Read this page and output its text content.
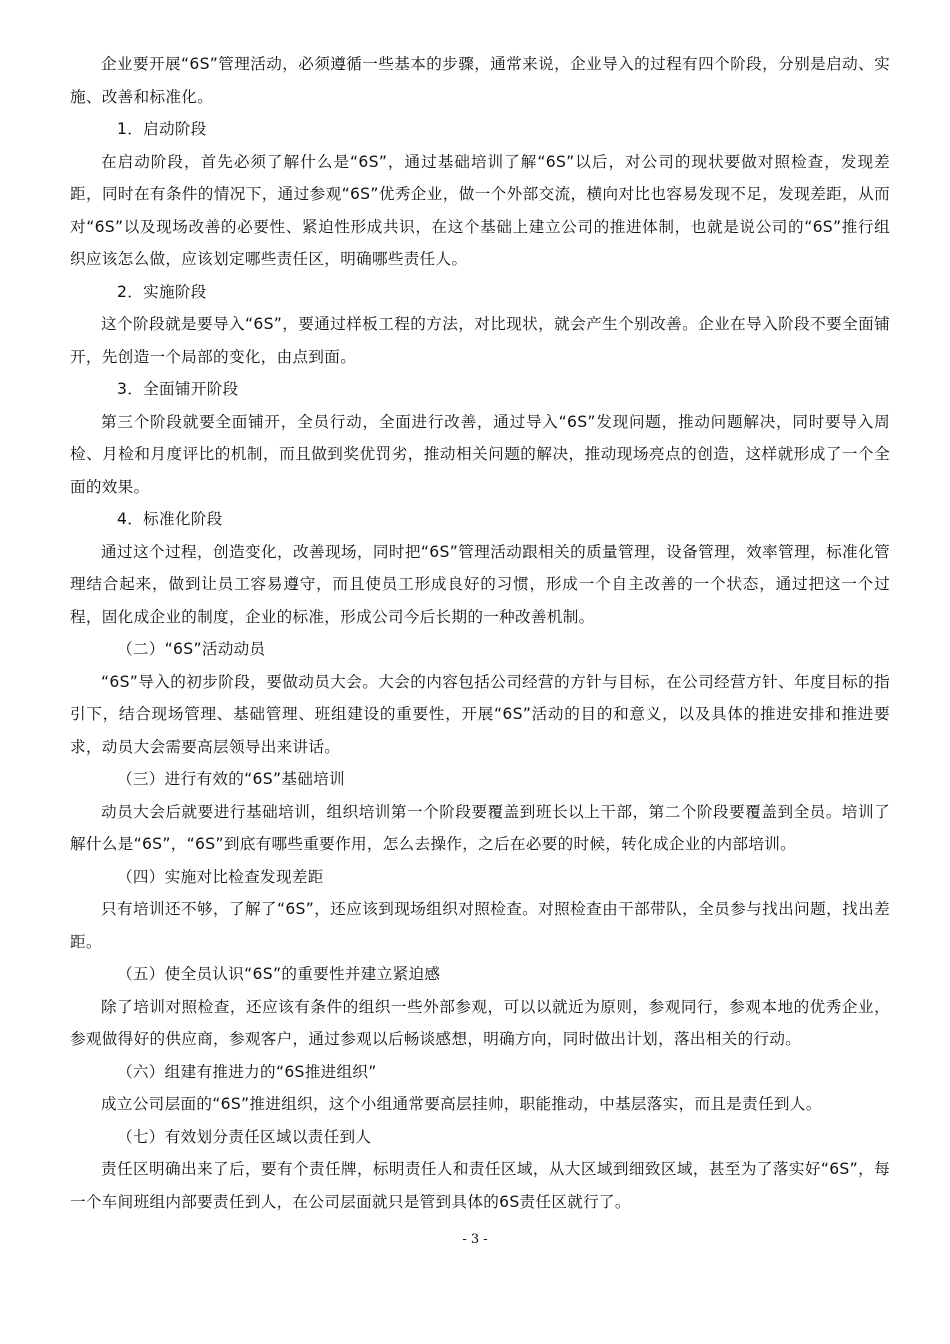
企业要开展“6S”管理活动，必须遵循一些基本的步骤，通常来说，企业导入的过程有四个阶段，分别是启动、实施、改善和标准化。

1．启动阶段

在启动阶段，首先必须了解什么是“6S”，通过基础培训了解“6S”以后，对公司的现状要做对照检查，发现差距，同时在有条件的情况下，通过参观“6S”优秀企业，做一个外部交流，横向对比也容易发现不足，发现差距，从而对“6S”以及现场改善的必要性、紧迫性形成共识，在这个基础上建立公司的推进体制，也就是说公司的“6S”推行组织应该怎么做，应该划定哪些责任区，明确哪些责任人。

2．实施阶段

这个阶段就是要导入“6S”，要通过样板工程的方法，对比现状，就会产生个别改善。企业在导入阶段不要全面铺开，先创造一个局部的变化，由点到面。

3．全面铺开阶段

第三个阶段就要全面铺开，全员行动，全面进行改善，通过导入“6S”发现问题，推动问题解决，同时要导入周检、月检和月度评比的机制，而且做到奖优罚劣，推动相关问题的解决，推动现场亮点的创造，这样就形成了一个全面的效果。

4．标准化阶段

通过这个过程，创造变化，改善现场，同时把“6S”管理活动跟相关的质量管理，设备管理，效率管理，标准化管理结合起来，做到让员工容易遵守，而且使员工形成良好的习惯，形成一个自主改善的一个状态，通过把这一个过程，固化成企业的制度，企业的标准，形成公司今后长期的一种改善机制。

（二）“6S”活动动员

“6S”导入的初步阶段，要做动员大会。大会的内容包括公司经营的方针与目标，在公司经营方针、年度目标的指引下，结合现场管理、基础管理、班组建设的重要性，开展“6S”活动的目的和意义，以及具体的推进安排和推进要求，动员大会需要高层领导出来讲话。

（三）进行有效的“6S”基础培训

动员大会后就要进行基础培训，组织培训第一个阶段要覆盖到班长以上干部，第二个阶段要覆盖到全员。培训了解什么是“6S”，“6S”到底有哪些重要作用，怎么去操作，之后在必要的时候，转化成企业的内部培训。

（四）实施对比检查发现差距

只有培训还不够，了解了“6S”，还应该到现场组织对照检查。对照检查由干部带队，全员参与找出问题，找出差距。

（五）使全员认识“6S”的重要性并建立紧迫感

除了培训对照检查，还应该有条件的组织一些外部参观，可以以就近为原则，参观同行，参观本地的优秀企业，参观做得好的供应商，参观客户，通过参观以后畅谈感想，明确方向，同时做出计划，落出相关的行动。

（六）组建有推进力的“6S推进组织”

成立公司层面的“6S”推进组织，这个小组通常要高层挂帅，职能推动，中基层落实，而且是责任到人。

（七）有效划分责任区域以责任到人

责任区明确出来了后，要有个责任牌，标明责任人和责任区域，从大区域到细致区域，甚至为了落实好“6S”，每一个车间班组内部要责任到人，在公司层面就只是管到具体的6S责任区就行了。

- 3 -
